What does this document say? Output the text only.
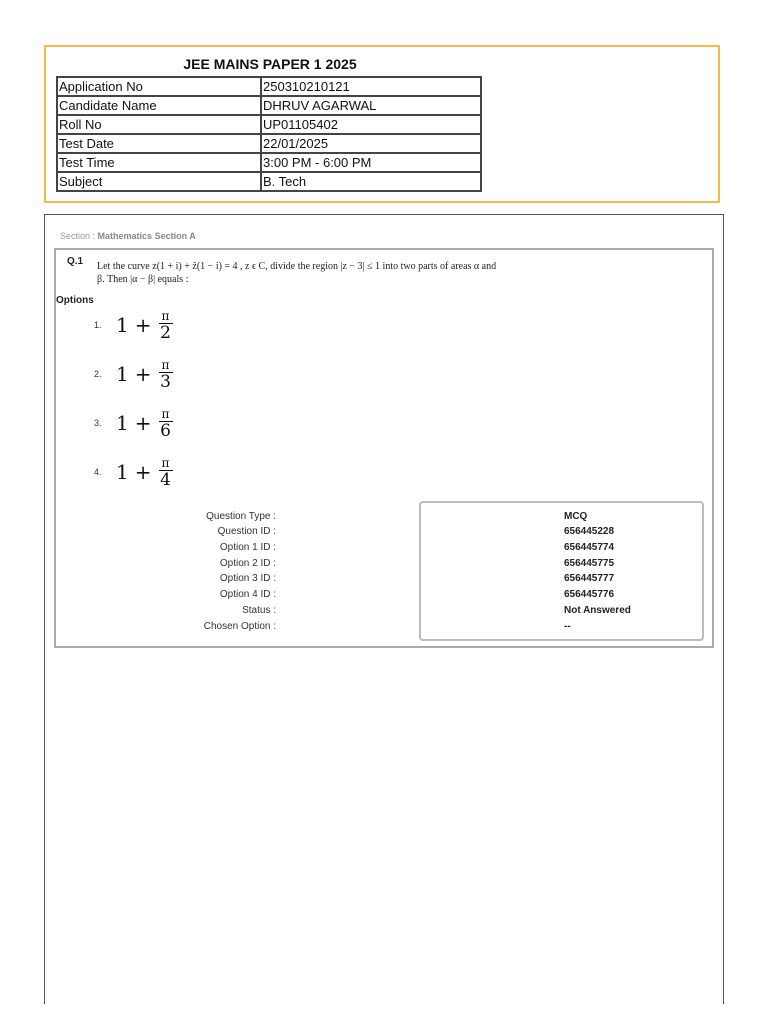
JEE MAINS PAPER 1 2025
Application No	250310210121
Candidate Name	DHRUV AGARWAL
Roll No	UP01105402
Test Date	22/01/2025
Test Time	3:00 PM - 6:00 PM
Subject	B. Tech
Section : Mathematics Section A
Q.1 Let the curve z(1 + i) + z̄(1 − i) = 4 , z ϵ C, divide the region |z − 3| ≤ 1 into two parts of areas α and
β. Then |α − β| equals :
Options
1. $1 + \frac{\pi}{2}$
2. $1 + \frac{\pi}{3}$
3. $1 + \frac{\pi}{6}$
4. $1 + \frac{\pi}{4}$
Question Type :	MCQ
Question ID :	656445228
Option 1 ID :	656445774
Option 2 ID :	656445775
Option 3 ID :	656445777
Option 4 ID :	656445776
Status :	Not Answered
Chosen Option :	--
